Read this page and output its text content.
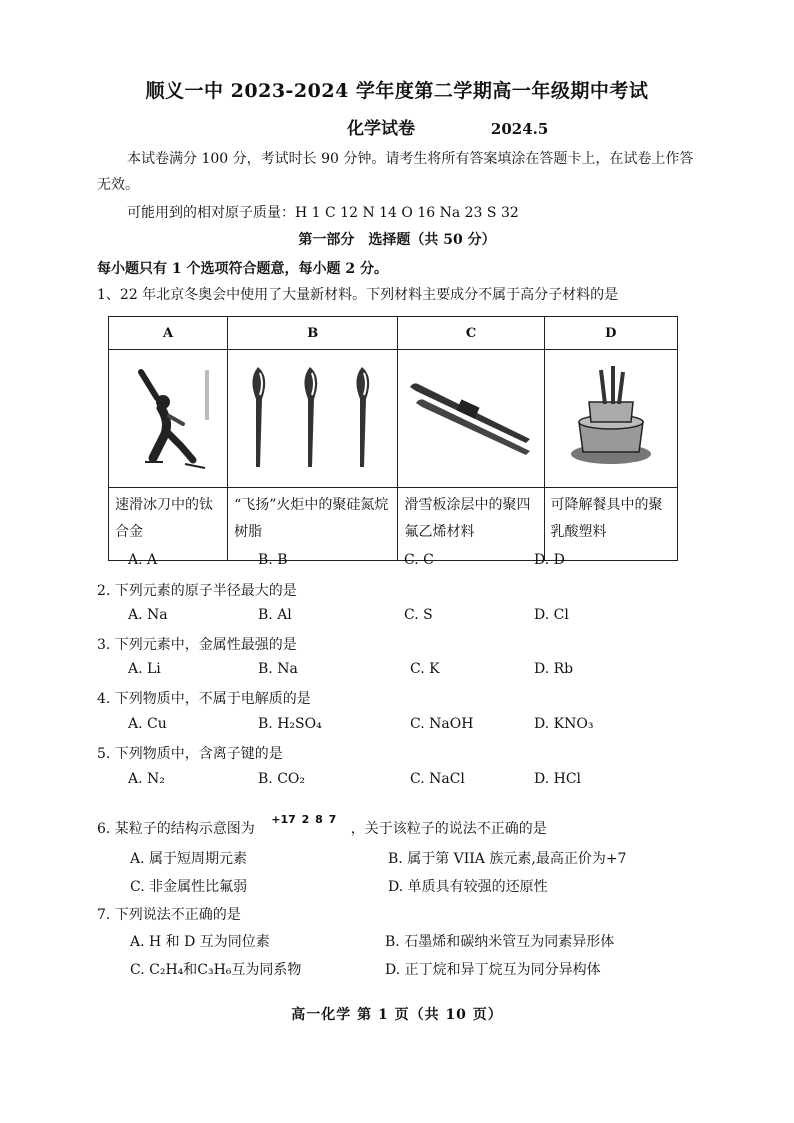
顺义一中 2023-2024 学年度第二学期高一年级期中考试
化学试卷	2024.5
本试卷满分 100 分，考试时长 90 分钟。请考生将所有答案填涂在答题卡上，在试卷上作答无效。
可能用到的相对原子质量：H 1 C 12 N 14 O 16 Na 23 S 32
第一部分　选择题（共 50 分）
每小题只有 1 个选项符合题意，每小题 2 分。
1、22 年北京冬奥会中使用了大量新材料。下列材料主要成分不属于高分子材料的是
A	B	C	D

速滑冰刀中的钛合金	“飞扬”火炬中的聚硅氮烷树脂	滑雪板涂层中的聚四氟乙烯材料	可降解餐具中的聚乳酸塑料
A. A	B. B	C. C	D. D
2. 下列元素的原子半径最大的是
A. Na	B. Al	C. S	D. Cl
3. 下列元素中，金属性最强的是
A. Li	B. Na	C. K	D. Rb
4. 下列物质中，不属于电解质的是
A. Cu	B. H₂SO₄	C. NaOH	D. KNO₃
5. 下列物质中，含离子键的是
A. N₂	B. CO₂	C. NaCl	D. HCl
6. 某粒子的结构示意图为 +17 2 8 7 ，关于该粒子的说法不正确的是
A. 属于短周期元素	B. 属于第 VIIA 族元素,最高正价为+7
C. 非金属性比氟弱	D. 单质具有较强的还原性
7. 下列说法不正确的是
A. H 和 D 互为同位素	B. 石墨烯和碳纳米管互为同素异形体
C. C₂H₄和C₃H₆互为同系物	D. 正丁烷和异丁烷互为同分异构体
高一化学 第 1 页（共 10 页）
